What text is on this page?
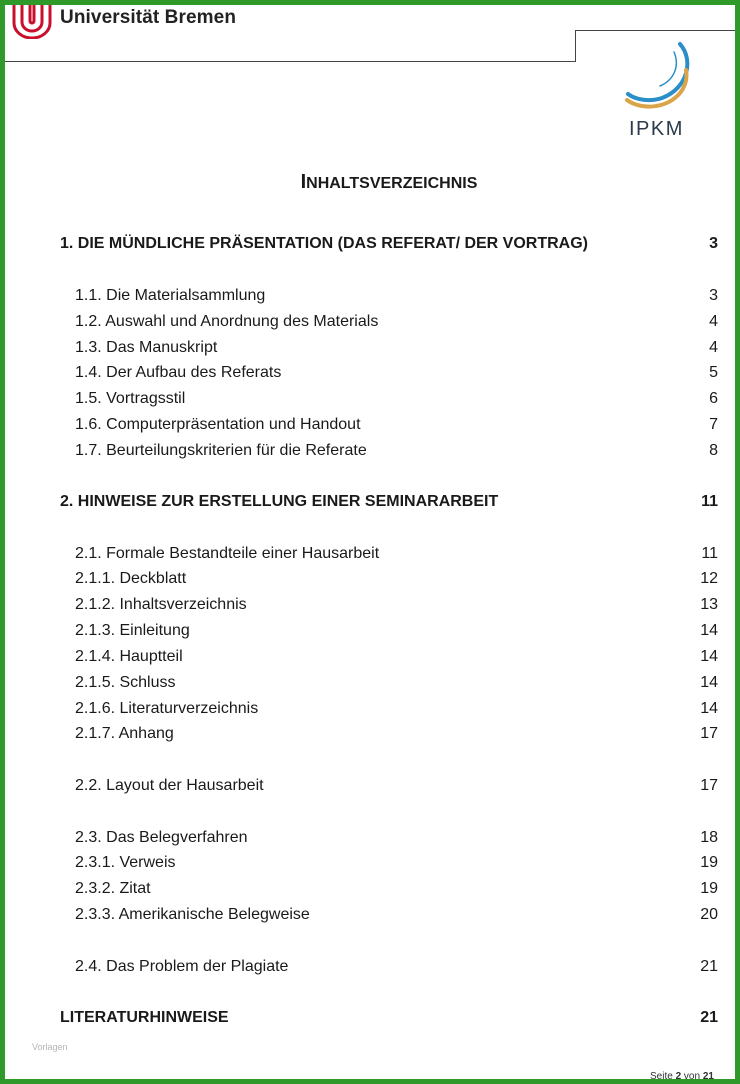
Universität Bremen
IPKM
INHALTSVERZEICHNIS
1. DIE MÜNDLICHE PRÄSENTATION (DAS REFERAT/ DER VORTRAG)	3
1.1. Die Materialsammlung	3
1.2. Auswahl und Anordnung des Materials	4
1.3. Das Manuskript	4
1.4. Der Aufbau des Referats	5
1.5. Vortragsstil	6
1.6. Computerpräsentation und Handout	7
1.7. Beurteilungskriterien für die Referate	8
2. HINWEISE ZUR ERSTELLUNG EINER SEMINARARBEIT	11
2.1. Formale Bestandteile einer Hausarbeit	11
2.1.1. Deckblatt	12
2.1.2. Inhaltsverzeichnis	13
2.1.3. Einleitung	14
2.1.4. Hauptteil	14
2.1.5. Schluss	14
2.1.6. Literaturverzeichnis	14
2.1.7. Anhang	17
2.2. Layout der Hausarbeit	17
2.3. Das Belegverfahren	18
2.3.1. Verweis	19
2.3.2. Zitat	19
2.3.3. Amerikanische Belegweise	20
2.4. Das Problem der Plagiate	21
LITERATURHINWEISE	21
Vorlagen
Seite 2 von 21
